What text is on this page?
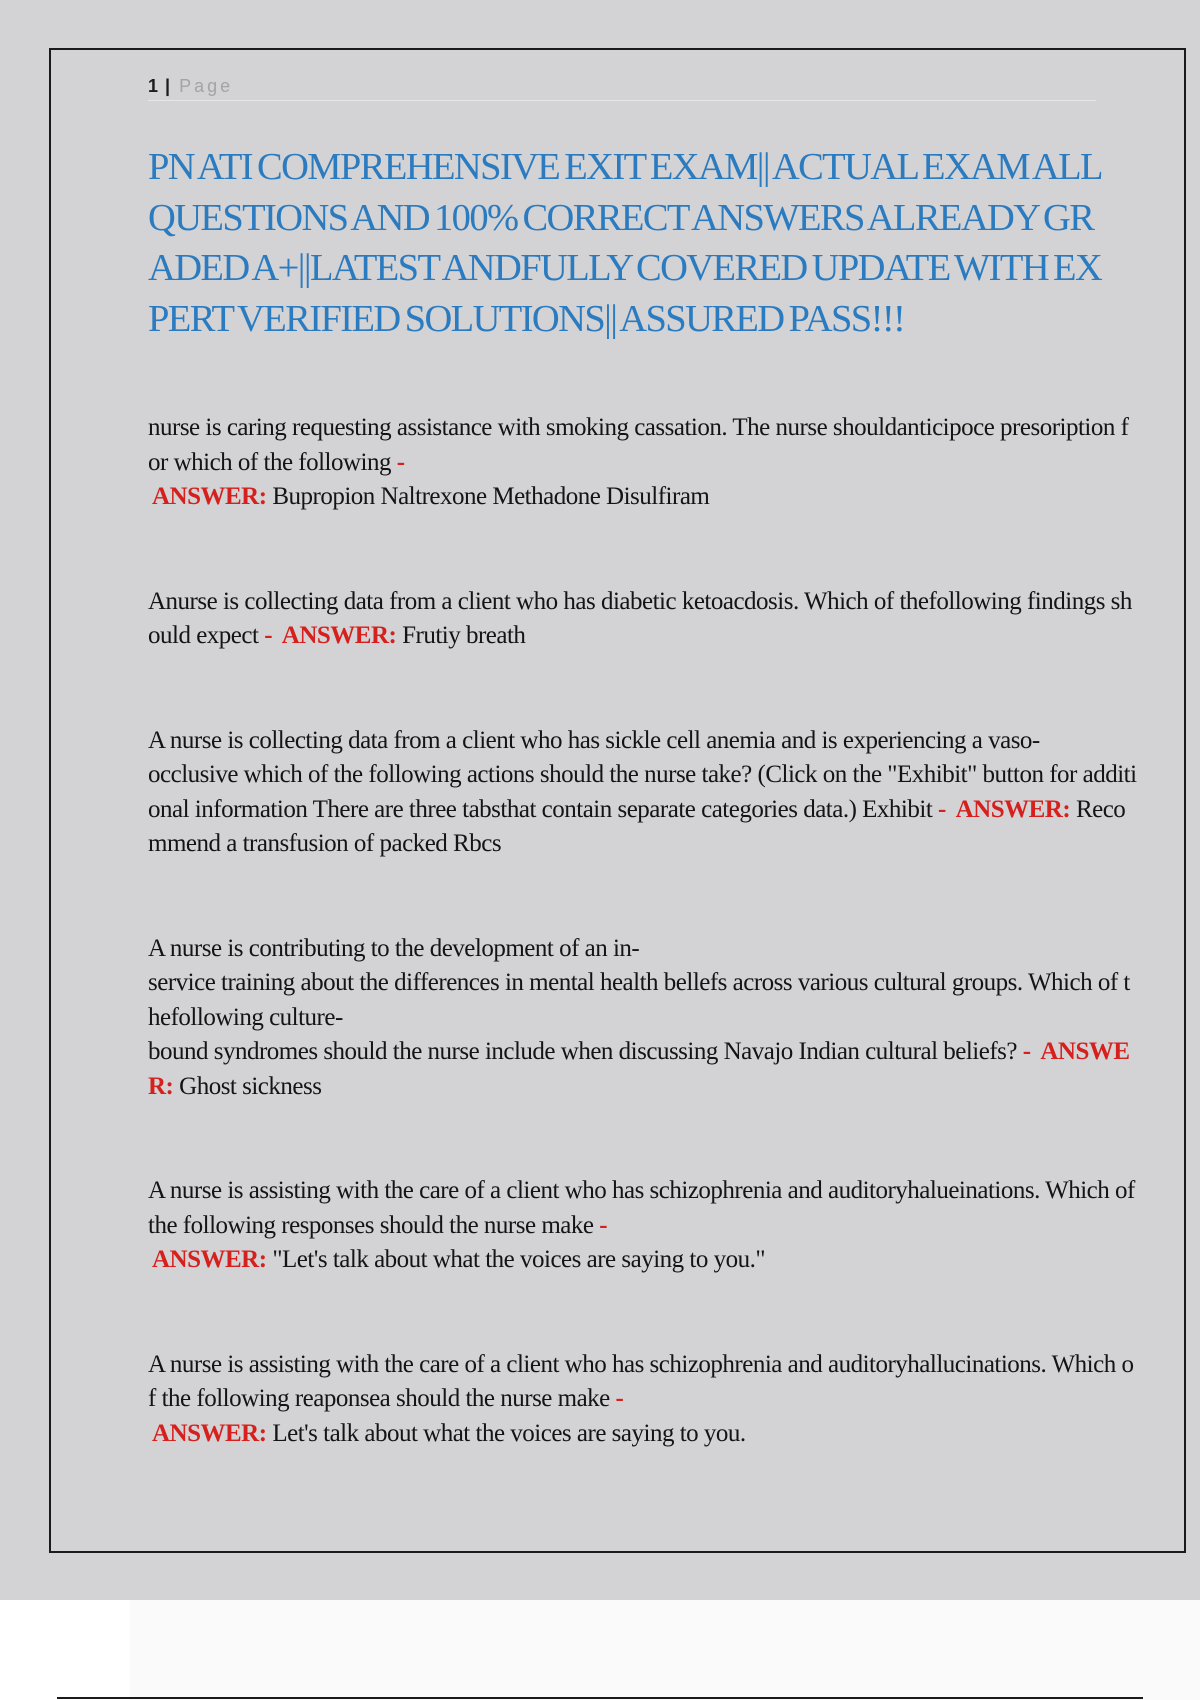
1 | Page
PN ATI COMPREHENSIVE EXIT EXAM|| ACTUAL EXAM ALL QUESTIONS AND 100% CORRECT ANSWERS ALREADY GRADED A+||LATEST ANDFULLY COVERED UPDATE WITH EXPERT VERIFIED SOLUTIONS|| ASSURED PASS!!!

nurse is caring requesting assistance with smoking cassation. The nurse shouldanticipoce presoription for which of the following -
ANSWER: Bupropion Naltrexone Methadone Disulfiram

Anurse is collecting data from a client who has diabetic ketoacdosis. Which of thefollowing findings should expect - ANSWER: Frutiy breath

A nurse is collecting data from a client who has sickle cell anemia and is experiencing a vaso-
occlusive which of the following actions should the nurse take? (Click on the "Exhibit" button for additional information There are three tabsthat contain separate categories data.) Exhibit - ANSWER: Recommend a transfusion of packed Rbcs

A nurse is contributing to the development of an in-
service training about the differences in mental health bellefs across various cultural groups. Which of thefollowing culture-
bound syndromes should the nurse include when discussing Navajo Indian cultural beliefs? - ANSWER: Ghost sickness

A nurse is assisting with the care of a client who has schizophrenia and auditoryhalueinations. Which of the following responses should the nurse make -
ANSWER: "Let's talk about what the voices are saying to you."

A nurse is assisting with the care of a client who has schizophrenia and auditoryhallucinations. Which of the following reaponsea should the nurse make -
ANSWER: Let's talk about what the voices are saying to you.
